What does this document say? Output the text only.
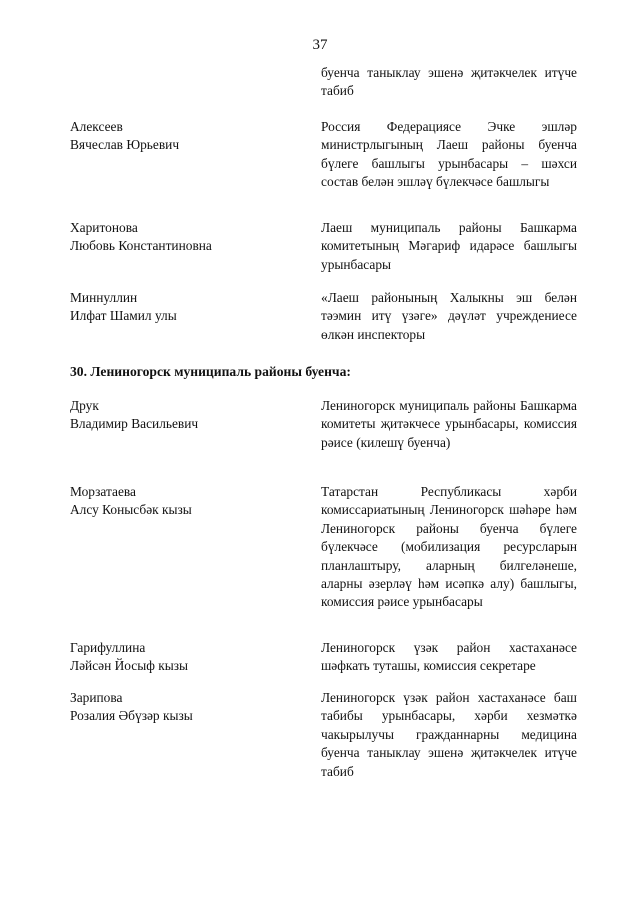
37
буенча таныклау эшенә җитәкчелек итүче табиб
Алексеев
Вячеслав Юрьевич
Россия Федерациясе Эчке эшләр министрлыгының Лаеш районы буенча бүлеге башлыгы урынбасары – шәхси состав белән эшләү бүлекчәсе башлыгы
Харитонова
Любовь Константиновна
Лаеш муниципаль районы Башкарма комитетының Мәгариф идарәсе башлыгы урынбасары
Миннуллин
Илфат Шамил улы
«Лаеш районының Халыкны эш белән тәэмин итү үзәге» дәүләт учреждениесе өлкән инспекторы
30. Лениногорск муниципаль районы буенча:
Друк
Владимир Васильевич
Лениногорск муниципаль районы Башкарма комитеты җитәкчесе урынбасары, комиссия рәисе (килешү буенча)
Морзатаева
Алсу Конысбәк кызы
Татарстан Республикасы хәрби комиссариатының Лениногорск шәһәре һәм Лениногорск районы буенча бүлеге бүлекчәсе (мобилизация ресурсларын планлаштыру, аларның билгеләнеше, аларны әзерләү һәм исәпкә алу) башлыгы, комиссия рәисе урынбасары
Гарифуллина
Ләйсән Йосыф кызы
Лениногорск үзәк район хастаханәсе шәфкать туташы, комиссия секретаре
Зарипова
Розалия Әбүзәр кызы
Лениногорск үзәк район хастаханәсе баш табибы урынбасары, хәрби хезмәткә чакырылучы гражданнарны медицина буенча таныклау эшенә җитәкчелек итүче табиб
